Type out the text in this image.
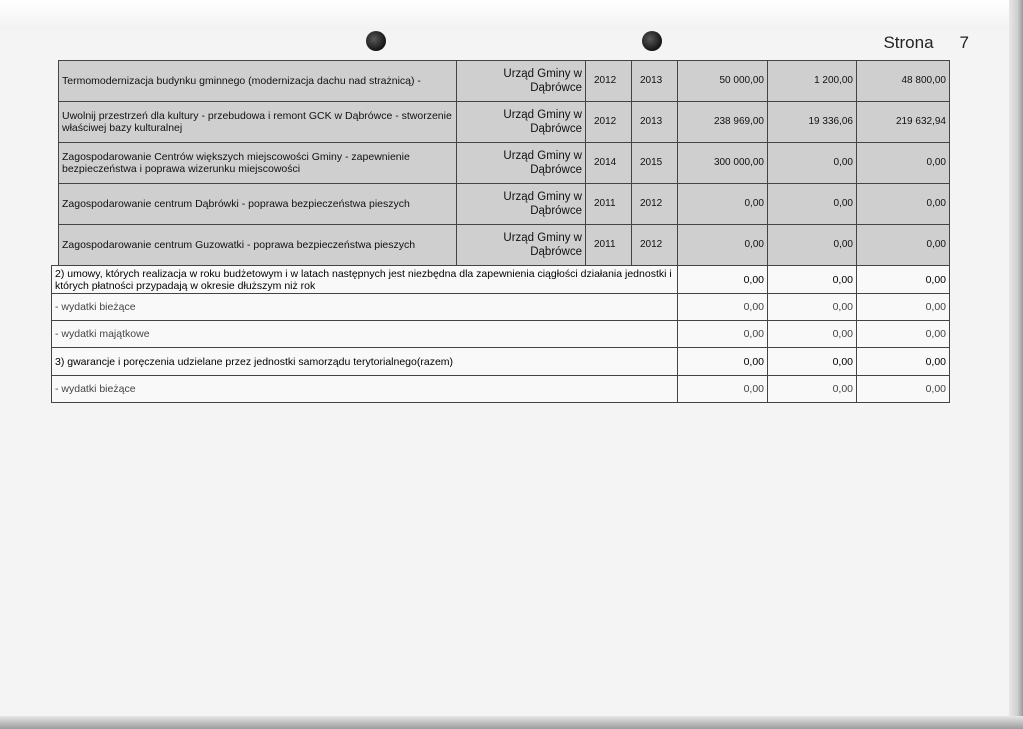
Strona 7
Termomodernizacja budynku gminnego (modernizacja dachu nad strażnicą) -	Urząd Gminy w Dąbrówce	2012	2013	50 000,00	1 200,00	48 800,00
Uwolnij przestrzeń dla kultury - przebudowa i remont GCK w Dąbrówce - stworzenie właściwej bazy kulturalnej	Urząd Gminy w Dąbrówce	2012	2013	238 969,00	19 336,06	219 632,94
Zagospodarowanie Centrów większych miejscowości Gminy - zapewnienie bezpieczeństwa i poprawa wizerunku miejscowości	Urząd Gminy w Dąbrówce	2014	2015	300 000,00	0,00	0,00
Zagospodarowanie centrum Dąbrówki - poprawa bezpieczeństwa pieszych	Urząd Gminy w Dąbrówce	2011	2012	0,00	0,00	0,00
Zagospodarowanie centrum Guzowatki - poprawa bezpieczeństwa pieszych	Urząd Gminy w Dąbrówce	2011	2012	0,00	0,00	0,00
2) umowy, których realizacja w roku budżetowym i w latach następnych jest niezbędna dla zapewnienia ciągłości działania jednostki i których płatności przypadają w okresie dłuższym niż rok	0,00	0,00	0,00
- wydatki bieżące	0,00	0,00	0,00
- wydatki majątkowe	0,00	0,00	0,00
3) gwarancje i poręczenia udzielane przez jednostki samorządu terytorialnego(razem)	0,00	0,00	0,00
- wydatki bieżące	0,00	0,00	0,00
